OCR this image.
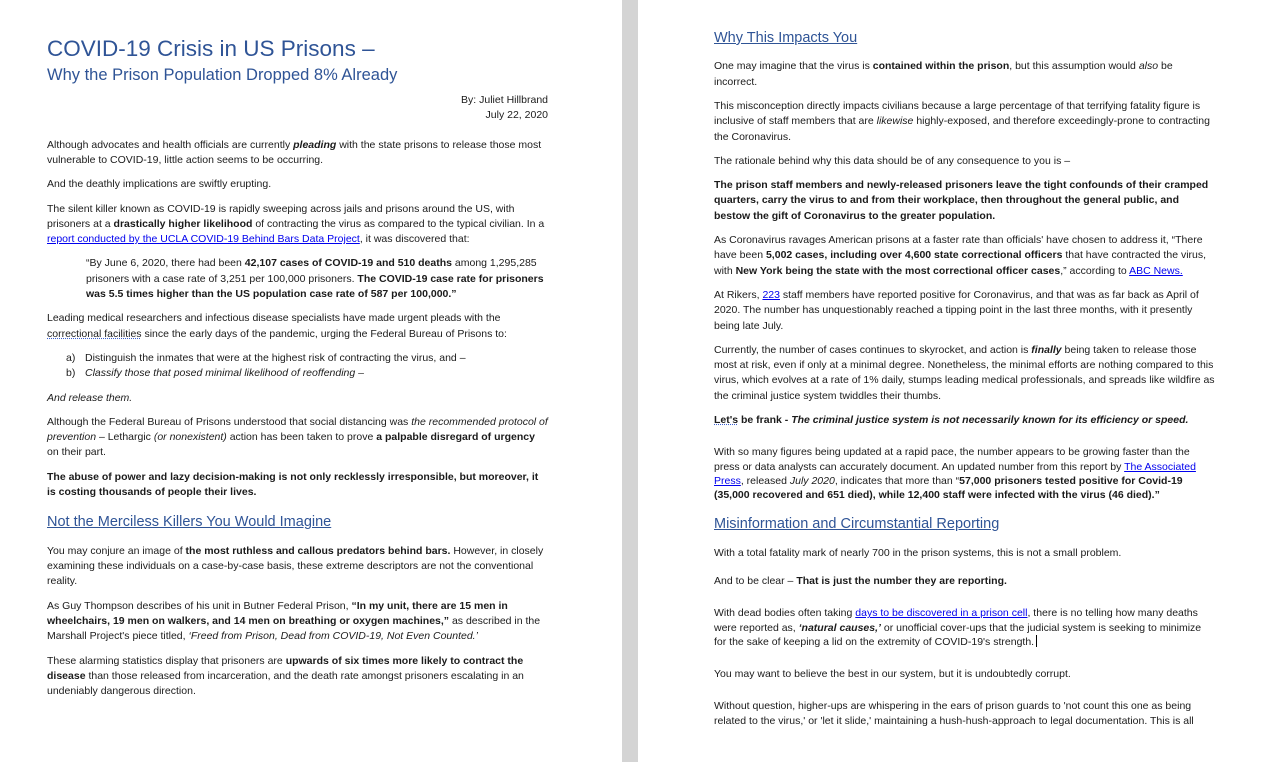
COVID-19 Crisis in US Prisons –
Why the Prison Population Dropped 8% Already
By: Juliet Hillbrand
July 22, 2020

Although advocates and health officials are currently pleading with the state prisons to release those most vulnerable to COVID-19, little action seems to be occurring.

And the deathly implications are swiftly erupting.

The silent killer known as COVID-19 is rapidly sweeping across jails and prisons around the US, with prisoners at a drastically higher likelihood of contracting the virus as compared to the typical civilian. In a report conducted by the UCLA COVID-19 Behind Bars Data Project, it was discovered that:

“By June 6, 2020, there had been 42,107 cases of COVID-19 and 510 deaths among 1,295,285 prisoners with a case rate of 3,251 per 100,000 prisoners. The COVID-19 case rate for prisoners was 5.5 times higher than the US population case rate of 587 per 100,000.”

Leading medical researchers and infectious disease specialists have made urgent pleads with the correctional facilities since the early days of the pandemic, urging the Federal Bureau of Prisons to:

a) Distinguish the inmates that were at the highest risk of contracting the virus, and –
b) Classify those that posed minimal likelihood of reoffending –

And release them.

Although the Federal Bureau of Prisons understood that social distancing was the recommended protocol of prevention – Lethargic (or nonexistent) action has been taken to prove a palpable disregard of urgency on their part.

The abuse of power and lazy decision-making is not only recklessly irresponsible, but moreover, it is costing thousands of people their lives.

Not the Merciless Killers You Would Imagine

You may conjure an image of the most ruthless and callous predators behind bars. However, in closely examining these individuals on a case-by-case basis, these extreme descriptors are not the conventional reality.

As Guy Thompson describes of his unit in Butner Federal Prison, “In my unit, there are 15 men in wheelchairs, 19 men on walkers, and 14 men on breathing or oxygen machines,” as described in the Marshall Project's piece titled, ‘Freed from Prison, Dead from COVID-19, Not Even Counted.’

These alarming statistics display that prisoners are upwards of six times more likely to contract the disease than those released from incarceration, and the death rate amongst prisoners escalating in an undeniably dangerous direction.

Why This Impacts You

One may imagine that the virus is contained within the prison, but this assumption would also be incorrect.

This misconception directly impacts civilians because a large percentage of that terrifying fatality figure is inclusive of staff members that are likewise highly-exposed, and therefore exceedingly-prone to contracting the Coronavirus.

The rationale behind why this data should be of any consequence to you is –

The prison staff members and newly-released prisoners leave the tight confounds of their cramped quarters, carry the virus to and from their workplace, then throughout the general public, and bestow the gift of Coronavirus to the greater population.

As Coronavirus ravages American prisons at a faster rate than officials' have chosen to address it, “There have been 5,002 cases, including over 4,600 state correctional officers that have contracted the virus, with New York being the state with the most correctional officer cases,” according to ABC News.

At Rikers, 223 staff members have reported positive for Coronavirus, and that was as far back as April of 2020. The number has unquestionably reached a tipping point in the last three months, with it presently being late July.

Currently, the number of cases continues to skyrocket, and action is finally being taken to release those most at risk, even if only at a minimal degree. Nonetheless, the minimal efforts are nothing compared to this virus, which evolves at a rate of 1% daily, stumps leading medical professionals, and spreads like wildfire as the criminal justice system twiddles their thumbs.

Let's be frank - The criminal justice system is not necessarily known for its efficiency or speed.

With so many figures being updated at a rapid pace, the number appears to be growing faster than the press or data analysts can accurately document. An updated number from this report by The Associated Press, released July 2020, indicates that more than “57,000 prisoners tested positive for Covid-19 (35,000 recovered and 651 died), while 12,400 staff were infected with the virus (46 died).”

Misinformation and Circumstantial Reporting

With a total fatality mark of nearly 700 in the prison systems, this is not a small problem.

And to be clear – That is just the number they are reporting.

With dead bodies often taking days to be discovered in a prison cell, there is no telling how many deaths were reported as, ‘natural causes,’ or unofficial cover-ups that the judicial system is seeking to minimize for the sake of keeping a lid on the extremity of COVID-19's strength.

You may want to believe the best in our system, but it is undoubtedly corrupt.

Without question, higher-ups are whispering in the ears of prison guards to 'not count this one as being related to the virus,' or 'let it slide,' maintaining a hush-hush-approach to legal documentation. This is all
